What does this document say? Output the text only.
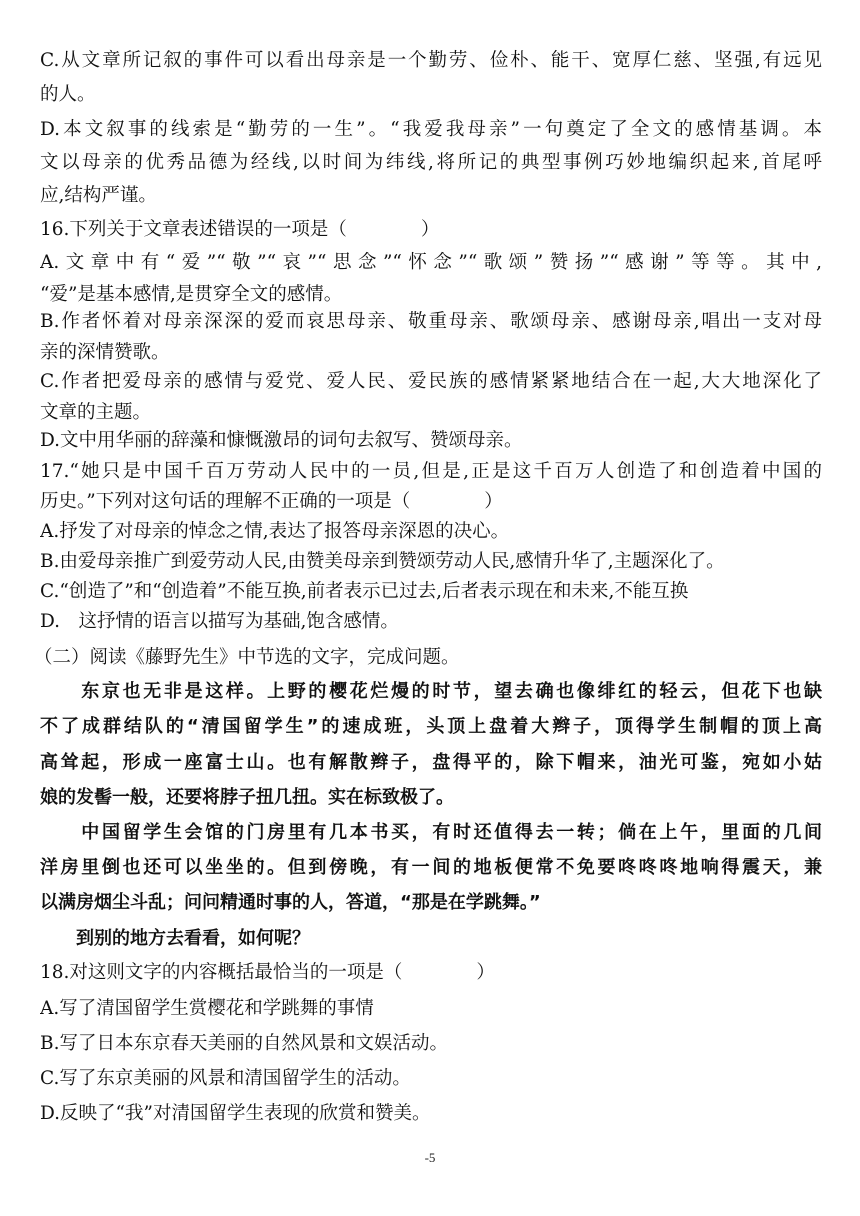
C.从文章所记叙的事件可以看出母亲是一个勤劳、俭朴、能干、宽厚仁慈、坚强,有远见
的人。
D.本文叙事的线索是“勤劳的一生”。“我爱我母亲”一句奠定了全文的感情基调。本
文以母亲的优秀品德为经线,以时间为纬线,将所记的典型事例巧妙地编织起来,首尾呼
应,结构严谨。
16.下列关于文章表述错误的一项是（　　　　）
A.文章中有“爱”“敬”“哀”“思念”“怀念”“歌颂”赞扬”“感谢”等等。其中,
“爱”是基本感情,是贯穿全文的感情。
B.作者怀着对母亲深深的爱而哀思母亲、敬重母亲、歌颂母亲、感谢母亲,唱出一支对母
亲的深情赞歌。
C.作者把爱母亲的感情与爱党、爱人民、爱民族的感情紧紧地结合在一起,大大地深化了
文章的主题。
D.文中用华丽的辞藻和慷慨激昂的词句去叙写、赞颂母亲。
17.“她只是中国千百万劳动人民中的一员,但是,正是这千百万人创造了和创造着中国的
历史。”下列对这句话的理解不正确的一项是（　　　　）
A.抒发了对母亲的悼念之情,表达了报答母亲深恩的决心。
B.由爱母亲推广到爱劳动人民,由赞美母亲到赞颂劳动人民,感情升华了,主题深化了。
C.“创造了”和“创造着”不能互换,前者表示已过去,后者表示现在和未来,不能互换
D.　这抒情的语言以描写为基础,饱含感情。
（二）阅读《藤野先生》中节选的文字，完成问题。
　　东京也无非是这样。上野的樱花烂熳的时节，望去确也像绯红的轻云，但花下也缺
不了成群结队的“清国留学生”的速成班，头顶上盘着大辫子，顶得学生制帽的顶上高
高耸起，形成一座富士山。也有解散辫子，盘得平的，除下帽来，油光可鉴，宛如小姑
娘的发髻一般，还要将脖子扭几扭。实在标致极了。
　　中国留学生会馆的门房里有几本书买，有时还值得去一转；倘在上午，里面的几间
洋房里倒也还可以坐坐的。但到傍晚，有一间的地板便常不免要咚咚咚地响得震天，兼
以满房烟尘斗乱；问问精通时事的人，答道，“那是在学跳舞。”
　　到别的地方去看看，如何呢？
18.对这则文字的内容概括最恰当的一项是（　　　　）
A.写了清国留学生赏樱花和学跳舞的事情
B.写了日本东京春天美丽的自然风景和文娱活动。
C.写了东京美丽的风景和清国留学生的活动。
D.反映了“我”对清国留学生表现的欣赏和赞美。
-5
